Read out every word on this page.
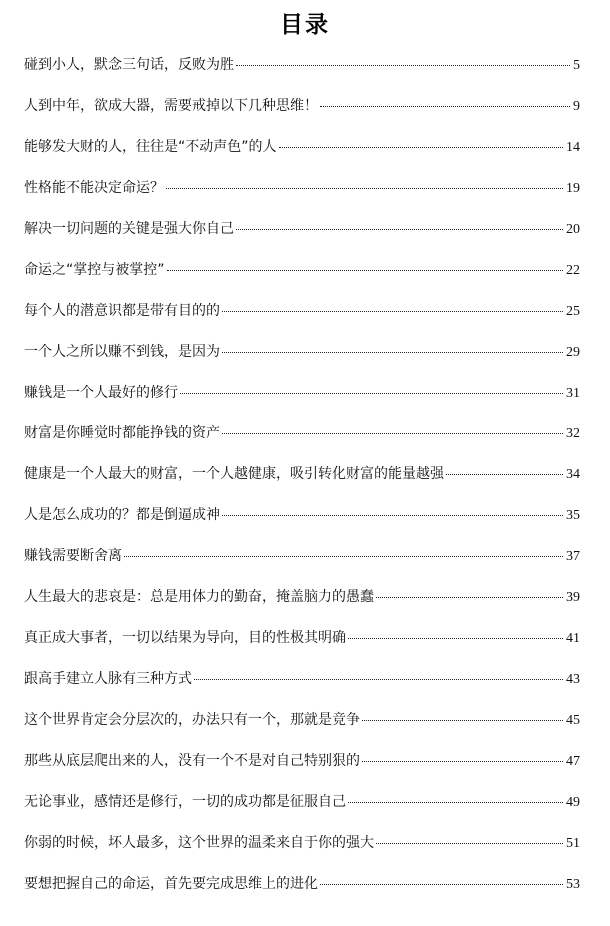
目录
碰到小人，默念三句话，反败为胜	5
人到中年，欲成大器，需要戒掉以下几种思维！	9
能够发大财的人，往往是“不动声色”的人	14
性格能不能决定命运？	19
解决一切问题的关键是强大你自己	20
命运之“掌控与被掌控”	22
每个人的潜意识都是带有目的的	25
一个人之所以赚不到钱，是因为	29
赚钱是一个人最好的修行	31
财富是你睡觉时都能挣钱的资产	32
健康是一个人最大的财富，一个人越健康，吸引转化财富的能量越强	34
人是怎么成功的？都是倒逼成神	35
赚钱需要断舍离	37
人生最大的悲哀是：总是用体力的勤奋，掩盖脑力的愚蠢	39
真正成大事者，一切以结果为导向，目的性极其明确	41
跟高手建立人脉有三种方式	43
这个世界肯定会分层次的，办法只有一个，那就是竞争	45
那些从底层爬出来的人，没有一个不是对自己特别狠的	47
无论事业，感情还是修行，一切的成功都是征服自己	49
你弱的时候，坏人最多，这个世界的温柔来自于你的强大	51
要想把握自己的命运，首先要完成思维上的进化	53
